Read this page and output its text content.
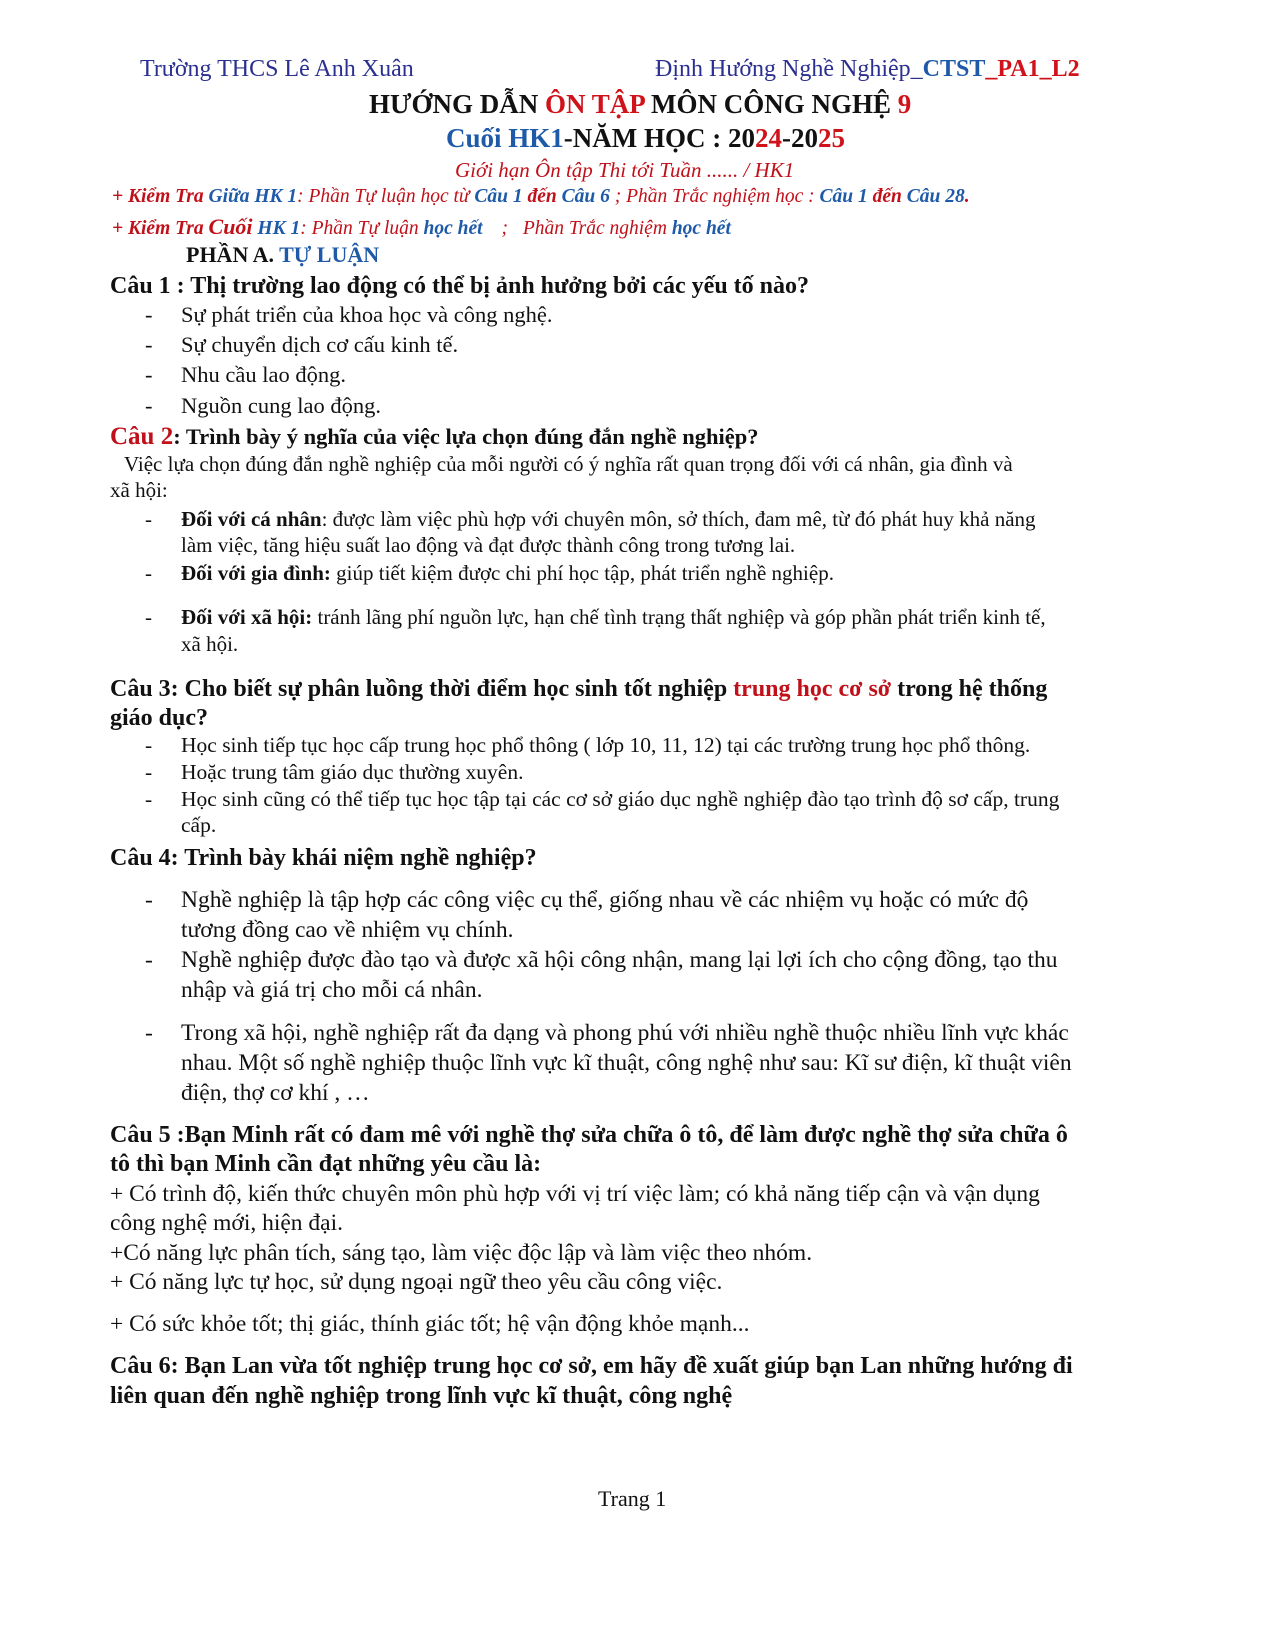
Trường THCS Lê Anh Xuân	Định Hướng Nghề Nghiệp_CTST_PA1_L2
HƯỚNG DẪN ÔN TẬP MÔN CÔNG NGHỆ 9
Cuối HK1-NĂM HỌC : 2024-2025
Giới hạn Ôn tập Thi tới Tuần ...... / HK1
+ Kiểm Tra Giữa HK 1: Phần Tự luận học từ Câu 1 đến Câu 6 ; Phần Trắc nghiệm học : Câu 1 đến Câu 28.
+ Kiểm Tra Cuối HK 1: Phần Tự luận học hết ; Phần Trắc nghiệm học hết
PHẦN A. TỰ LUẬN
Câu 1 : Thị trường lao động có thể bị ảnh hưởng bởi các yếu tố nào?
- Sự phát triển của khoa học và công nghệ.
- Sự chuyển dịch cơ cấu kinh tế.
- Nhu cầu lao động.
- Nguồn cung lao động.
Câu 2: Trình bày ý nghĩa của việc lựa chọn đúng đắn nghề nghiệp?
Việc lựa chọn đúng đắn nghề nghiệp của mỗi người có ý nghĩa rất quan trọng đối với cá nhân, gia đình và
xã hội:
- Đối với cá nhân: được làm việc phù hợp với chuyên môn, sở thích, đam mê, từ đó phát huy khả năng
làm việc, tăng hiệu suất lao động và đạt được thành công trong tương lai.
- Đối với gia đình: giúp tiết kiệm được chi phí học tập, phát triển nghề nghiệp.
- Đối với xã hội: tránh lãng phí nguồn lực, hạn chế tình trạng thất nghiệp và góp phần phát triển kinh tế,
xã hội.
Câu 3: Cho biết sự phân luồng thời điểm học sinh tốt nghiệp trung học cơ sở trong hệ thống
giáo dục?
- Học sinh tiếp tục học cấp trung học phổ thông ( lớp 10, 11, 12) tại các trường trung học phổ thông.
- Hoặc trung tâm giáo dục thường xuyên.
- Học sinh cũng có thể tiếp tục học tập tại các cơ sở giáo dục nghề nghiệp đào tạo trình độ sơ cấp, trung
cấp.
Câu 4: Trình bày khái niệm nghề nghiệp?
- Nghề nghiệp là tập hợp các công việc cụ thể, giống nhau về các nhiệm vụ hoặc có mức độ
tương đồng cao về nhiệm vụ chính.
- Nghề nghiệp được đào tạo và được xã hội công nhận, mang lại lợi ích cho cộng đồng, tạo thu
nhập và giá trị cho mỗi cá nhân.
- Trong xã hội, nghề nghiệp rất đa dạng và phong phú với nhiều nghề thuộc nhiều lĩnh vực khác
nhau. Một số nghề nghiệp thuộc lĩnh vực kĩ thuật, công nghệ như sau: Kĩ sư điện, kĩ thuật viên
điện, thợ cơ khí , …
Câu 5 :Bạn Minh rất có đam mê với nghề thợ sửa chữa ô tô, để làm được nghề thợ sửa chữa ô
tô thì bạn Minh cần đạt những yêu cầu là:
+ Có trình độ, kiến thức chuyên môn phù hợp với vị trí việc làm; có khả năng tiếp cận và vận dụng
công nghệ mới, hiện đại.
+Có năng lực phân tích, sáng tạo, làm việc độc lập và làm việc theo nhóm.
+ Có năng lực tự học, sử dụng ngoại ngữ theo yêu cầu công việc.
+ Có sức khỏe tốt; thị giác, thính giác tốt; hệ vận động khỏe mạnh...
Câu 6: Bạn Lan vừa tốt nghiệp trung học cơ sở, em hãy đề xuất giúp bạn Lan những hướng đi
liên quan đến nghề nghiệp trong lĩnh vực kĩ thuật, công nghệ
Trang 1
